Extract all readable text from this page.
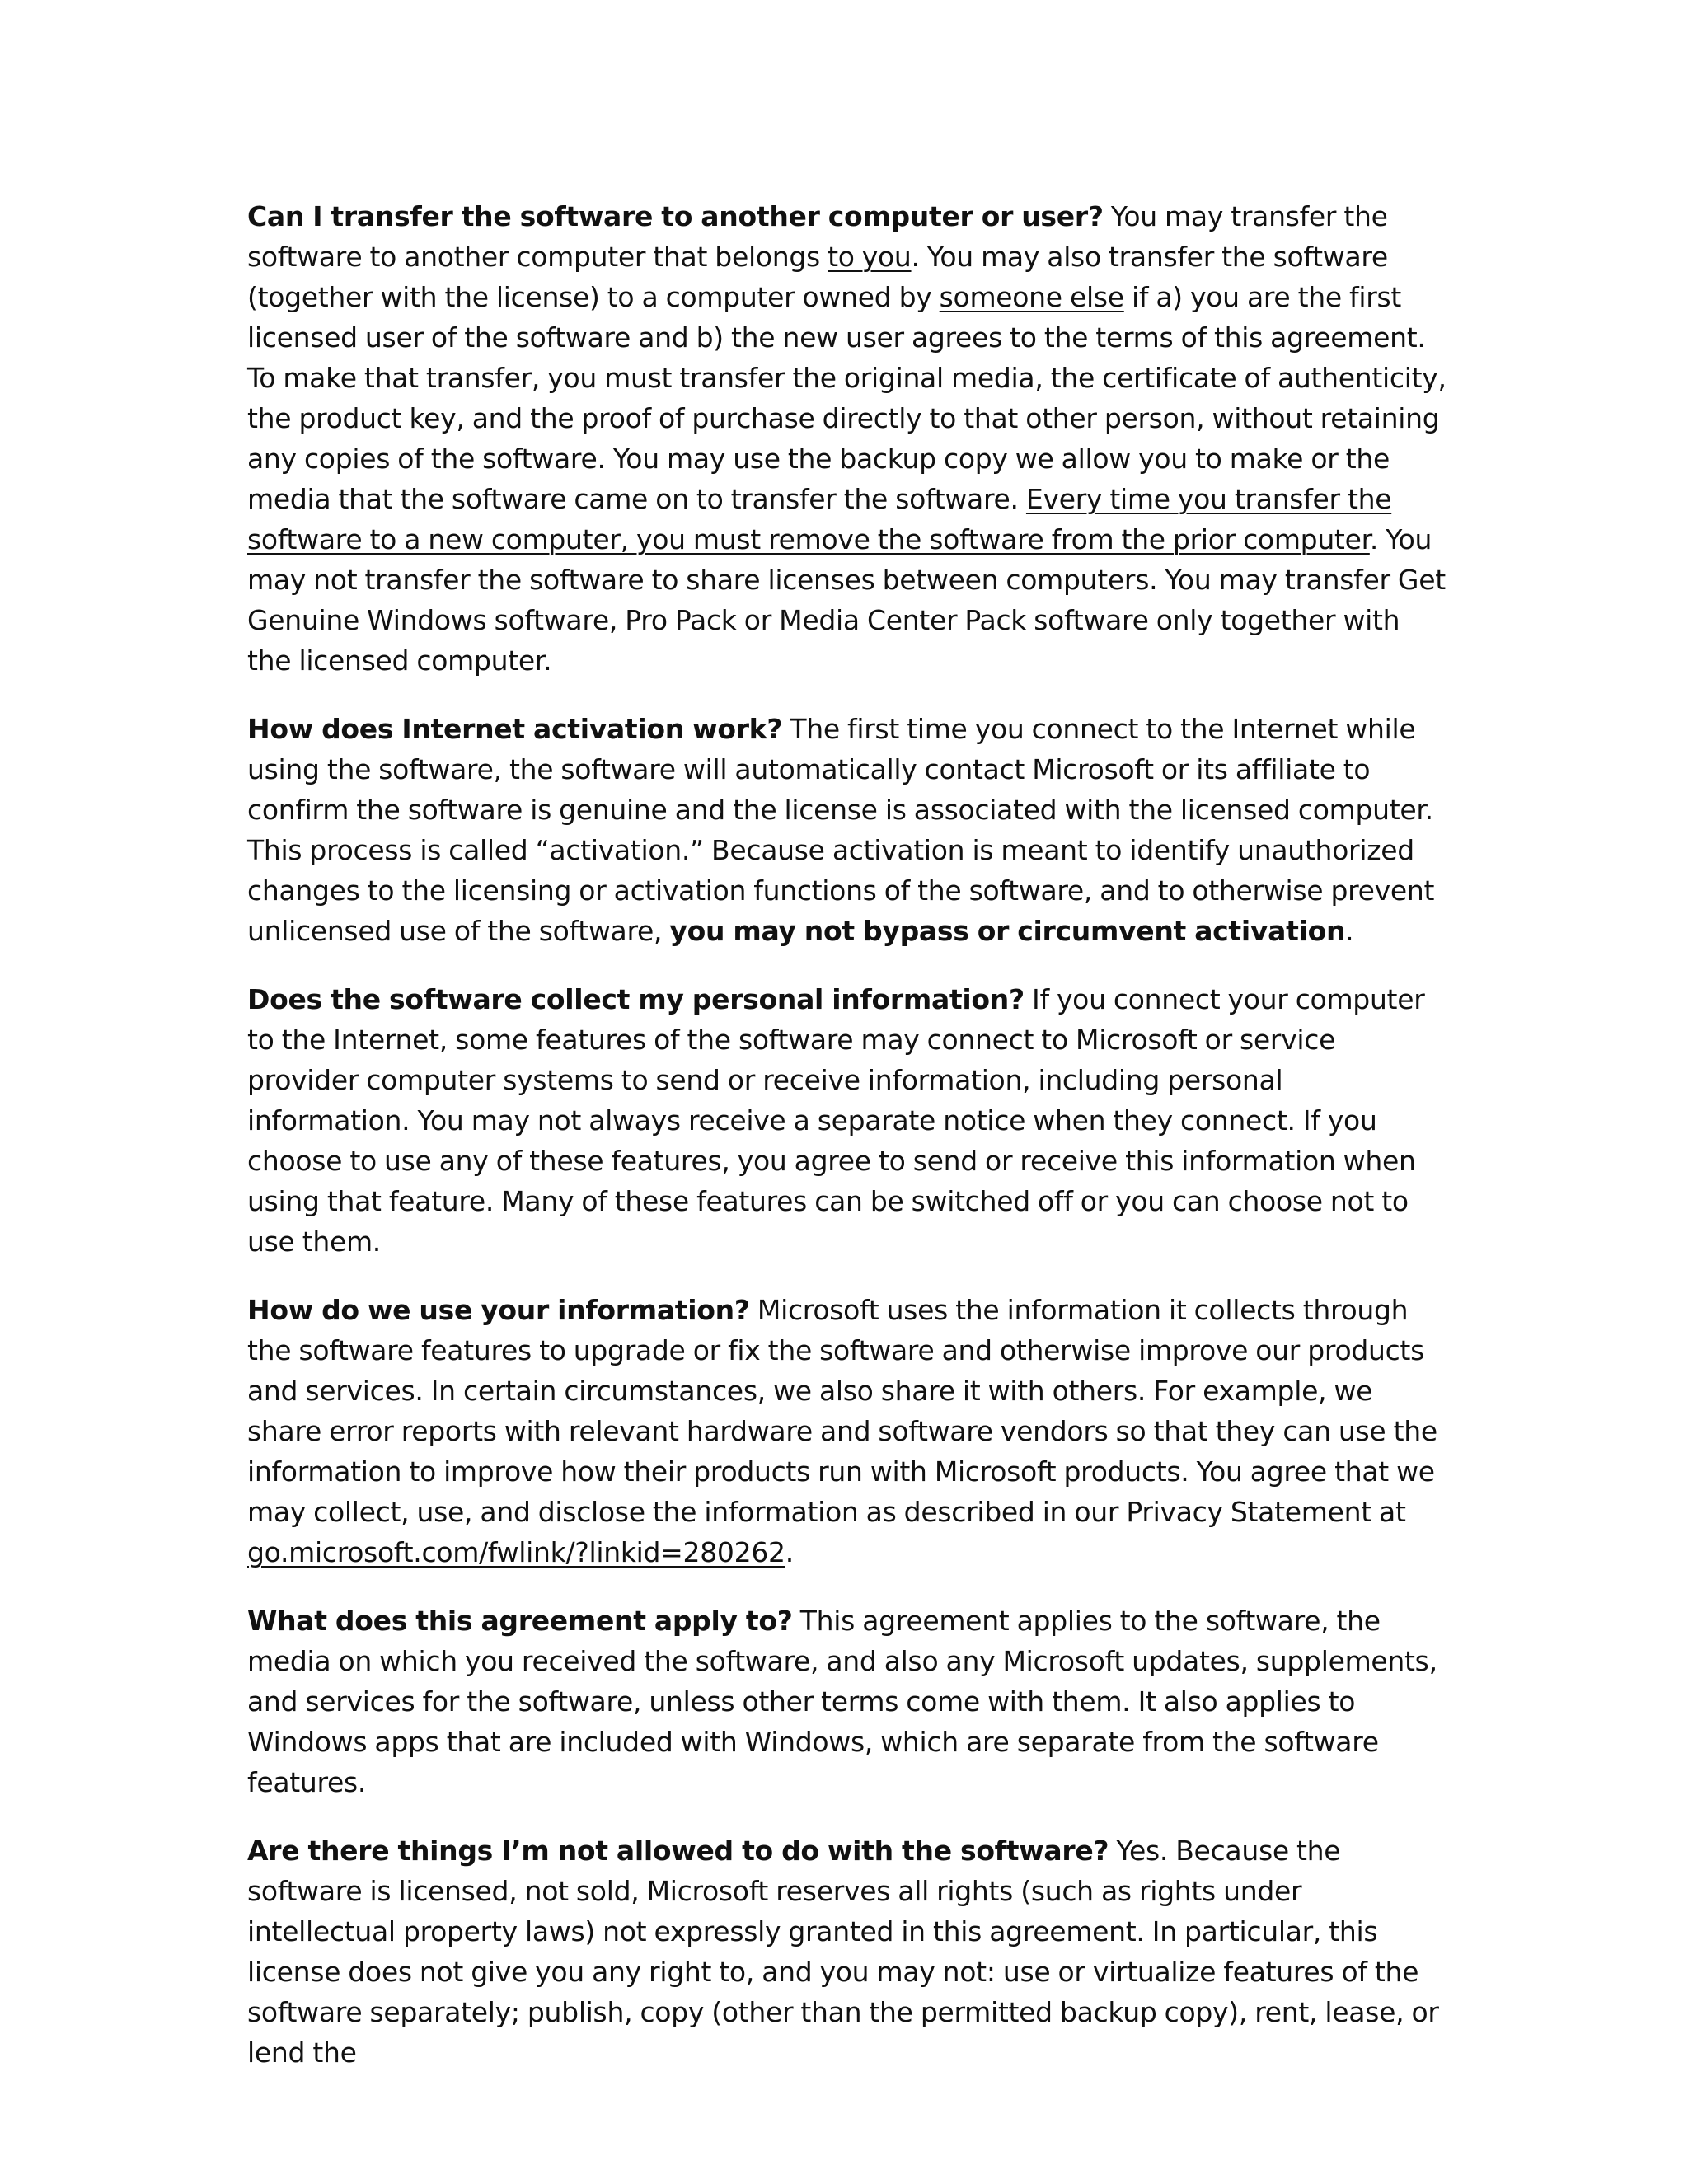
Can I transfer the software to another computer or user? You may transfer the software to another computer that belongs to you. You may also transfer the software (together with the license) to a computer owned by someone else if a) you are the first licensed user of the software and b) the new user agrees to the terms of this agreement. To make that transfer, you must transfer the original media, the certificate of authenticity, the product key, and the proof of purchase directly to that other person, without retaining any copies of the software. You may use the backup copy we allow you to make or the media that the software came on to transfer the software. Every time you transfer the software to a new computer, you must remove the software from the prior computer. You may not transfer the software to share licenses between computers. You may transfer Get Genuine Windows software, Pro Pack or Media Center Pack software only together with the licensed computer.

How does Internet activation work? The first time you connect to the Internet while using the software, the software will automatically contact Microsoft or its affiliate to confirm the software is genuine and the license is associated with the licensed computer. This process is called “activation.” Because activation is meant to identify unauthorized changes to the licensing or activation functions of the software, and to otherwise prevent unlicensed use of the software, you may not bypass or circumvent activation.

Does the software collect my personal information? If you connect your computer to the Internet, some features of the software may connect to Microsoft or service provider computer systems to send or receive information, including personal information. You may not always receive a separate notice when they connect. If you choose to use any of these features, you agree to send or receive this information when using that feature. Many of these features can be switched off or you can choose not to use them.

How do we use your information? Microsoft uses the information it collects through the software features to upgrade or fix the software and otherwise improve our products and services. In certain circumstances, we also share it with others. For example, we share error reports with relevant hardware and software vendors so that they can use the information to improve how their products run with Microsoft products. You agree that we may collect, use, and disclose the information as described in our Privacy Statement at go.microsoft.com/fwlink/?linkid=280262.

What does this agreement apply to? This agreement applies to the software, the media on which you received the software, and also any Microsoft updates, supplements, and services for the software, unless other terms come with them. It also applies to Windows apps that are included with Windows, which are separate from the software features.

Are there things I’m not allowed to do with the software? Yes. Because the software is licensed, not sold, Microsoft reserves all rights (such as rights under intellectual property laws) not expressly granted in this agreement. In particular, this license does not give you any right to, and you may not: use or virtualize features of the software separately; publish, copy (other than the permitted backup copy), rent, lease, or lend the
